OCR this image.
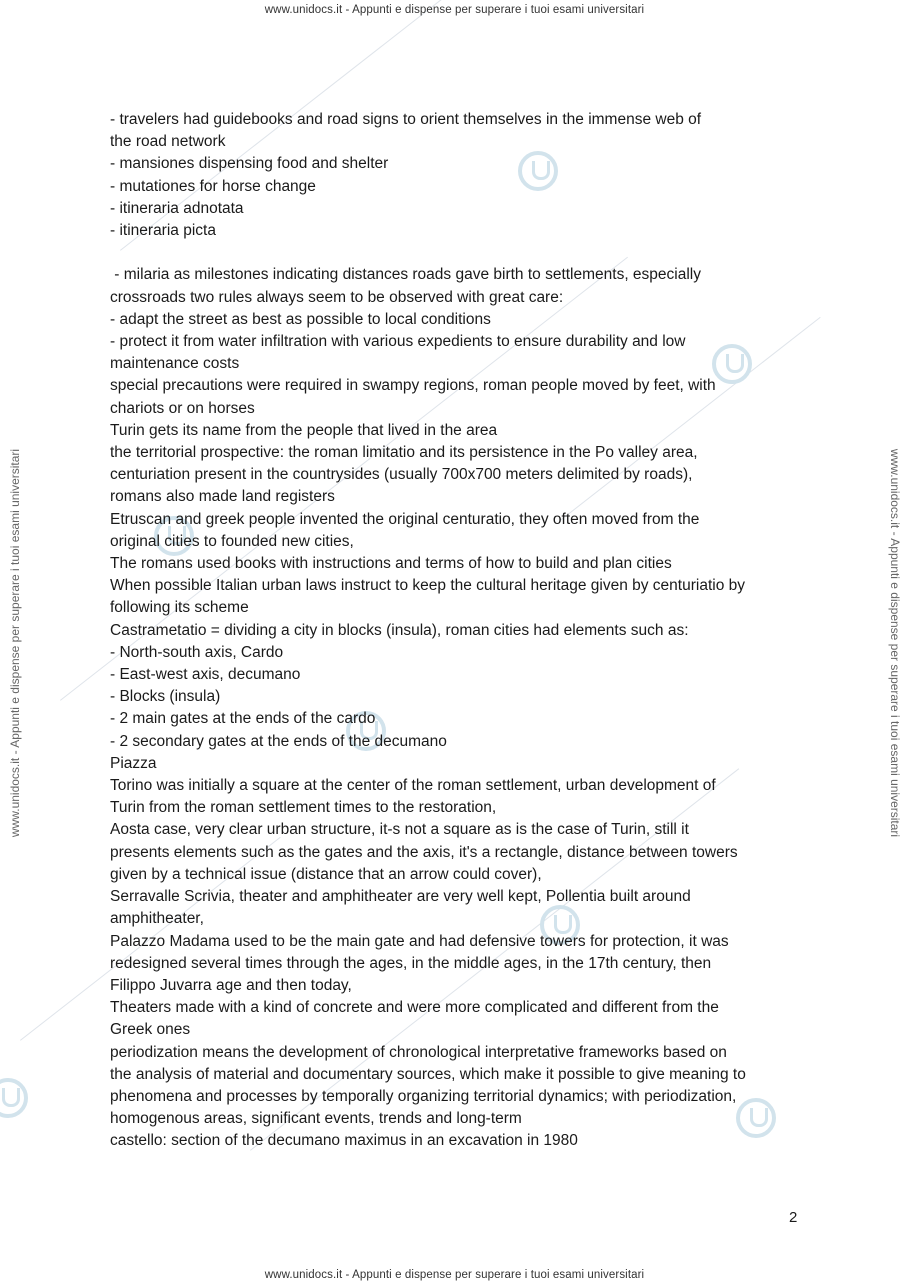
www.unidocs.it - Appunti e dispense per superare i tuoi esami universitari
www.unidocs.it - Appunti e dispense per superare i tuoi esami universitari
www.unidocs.it - Appunti e dispense per superare i tuoi esami universitari	www.unidocs.it - Appunti e dispense per superare i tuoi esami universitari
- travelers had guidebooks and road signs to orient themselves in the immense web of
the road network
- mansiones dispensing food and shelter
- mutationes for horse change
- itineraria adnotata
- itineraria picta
- milaria as milestones indicating distances roads gave birth to settlements, especially
crossroads two rules always seem to be observed with great care:
- adapt the street as best as possible to local conditions
- protect it from water infiltration with various expedients to ensure durability and low
maintenance costs
special precautions were required in swampy regions, roman people moved by feet, with
chariots or on horses
Turin gets its name from the people that lived in the area
the territorial prospective: the roman limitatio and its persistence in the Po valley area,
centuriation present in the countrysides (usually 700x700 meters delimited by roads),
romans also made land registers
Etruscan and greek people invented the original centuratio, they often moved from the
original cities to founded new cities,
The romans used books with instructions and terms of how to build and plan cities
When possible Italian urban laws instruct to keep the cultural heritage given by centuriatio by
following its scheme
Castrametatio = dividing a city in blocks (insula), roman cities had elements such as:
- North-south axis, Cardo
- East-west axis, decumano
- Blocks (insula)
- 2 main gates at the ends of the cardo
- 2 secondary gates at the ends of the decumano
Piazza
Torino was initially a square at the center of the roman settlement, urban development of
Turin from the roman settlement times to the restoration,
Aosta case, very clear urban structure, it-s not a square as is the case of Turin, still it
presents elements such as the gates and the axis, it's a rectangle, distance between towers
given by a technical issue (distance that an arrow could cover),
Serravalle Scrivia, theater and amphitheater are very well kept, Pollentia built around
amphitheater,
Palazzo Madama used to be the main gate and had defensive towers for protection, it was
redesigned several times through the ages, in the middle ages, in the 17th century, then
Filippo Juvarra age and then today,
Theaters made with a kind of concrete and were more complicated and different from the
Greek ones
periodization means the development of chronological interpretative frameworks based on
the analysis of material and documentary sources, which make it possible to give meaning to
phenomena and processes by temporally organizing territorial dynamics; with periodization,
homogenous areas, significant events, trends and long-term
castello: section of the decumano maximus in an excavation in 1980
2
